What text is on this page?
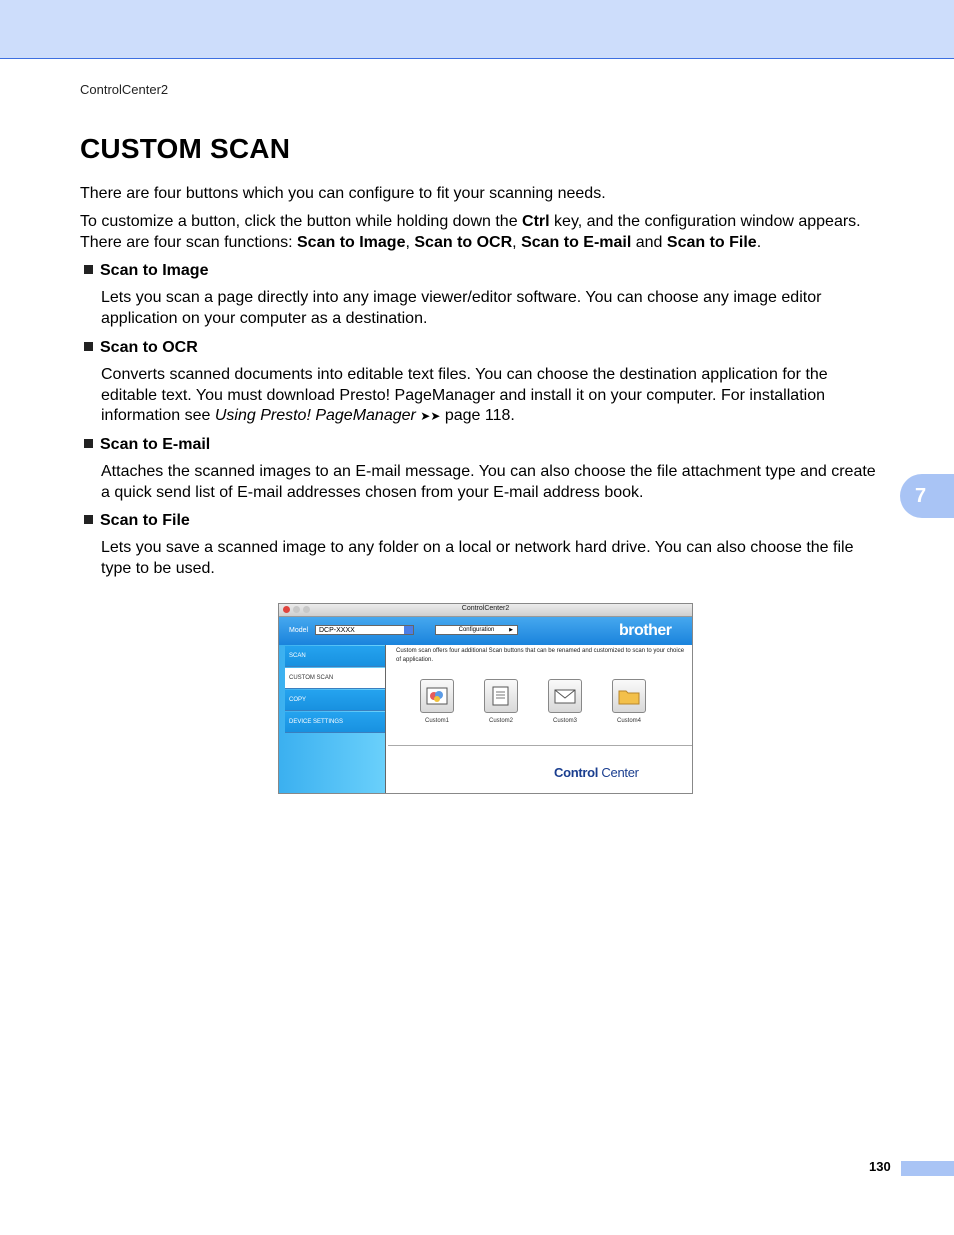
ControlCenter2
CUSTOM SCAN

There are four buttons which you can configure to fit your scanning needs.

To customize a button, click the button while holding down the Ctrl key, and the configuration window appears. There are four scan functions: Scan to Image, Scan to OCR, Scan to E-mail and Scan to File.

Scan to Image

Lets you scan a page directly into any image viewer/editor software. You can choose any image editor application on your computer as a destination.

Scan to OCR

Converts scanned documents into editable text files. You can choose the destination application for the editable text. You must download Presto! PageManager and install it on your computer. For installation information see Using Presto! PageManager ➤➤ page 118.

Scan to E-mail

Attaches the scanned images to an E-mail message. You can also choose the file attachment type and create a quick send list of E-mail addresses chosen from your E-mail address book.

Scan to File

Lets you save a scanned image to any folder on a local or network hard drive. You can also choose the file type to be used.

7
ControlCenter2
Model	DCP-XXXX	Configuration	▶	brother
SCAN
CUSTOM SCAN
COPY
DEVICE SETTINGS
Custom scan offers four additional Scan buttons that can be renamed and customized to scan to your choice of application.
Custom1	Custom2	Custom3	Custom4
Control Center
130
